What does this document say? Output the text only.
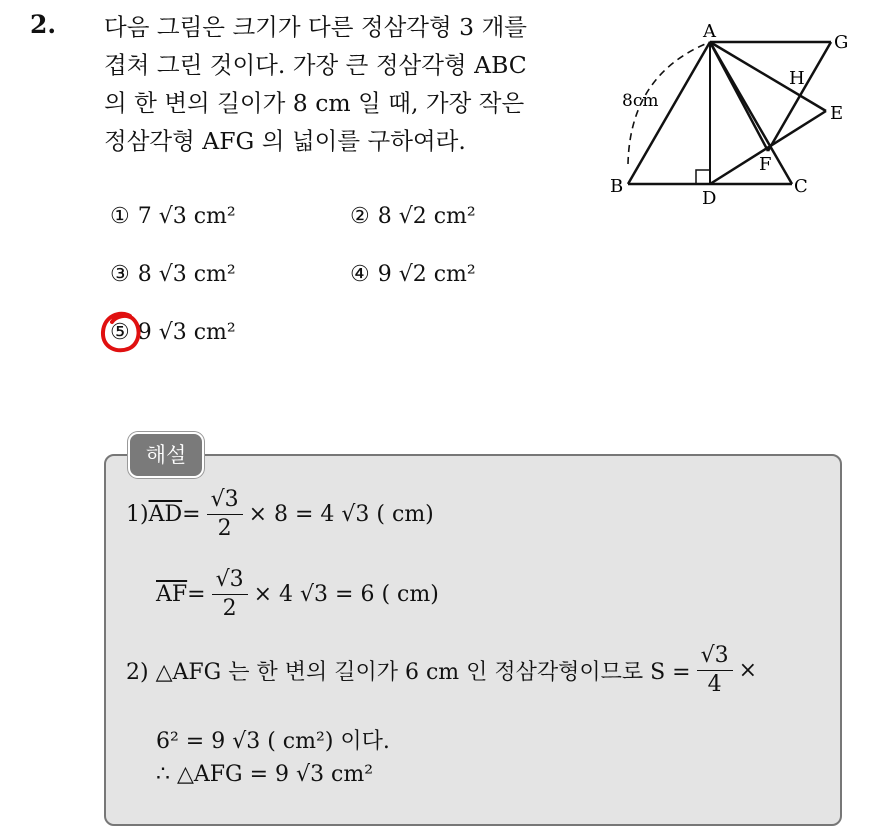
2. 다음 그림은 크기가 다른 정삼각형 3 개를
겹쳐 그린 것이다. 가장 큰 정삼각형 ABC
의 한 변의 길이가 8 cm 일 때, 가장 작은
정삼각형 AFG 의 넓이를 구하여라.
A
B	C
D
E
F
G
H
8cm
① 7 √3 cm²	② 8 √2 cm²
③ 8 √3 cm²	④ 9 √2 cm²
⑤ 9 √3 cm²
해설
1) $\overline{AD} = \frac{√3}{2} \times 8 = 4$ √3 ( cm)
$\overline{AF} = \frac{√3}{2} \times 4$ √3 = 6 ( cm)
2) △AFG 는 한 변의 길이가 6 cm 인 정삼각형이므로 $S = \frac{√3}{4}$ ×
6² = 9 √3 ( cm²) 이다.
∴ △AFG = 9 √3 cm²
